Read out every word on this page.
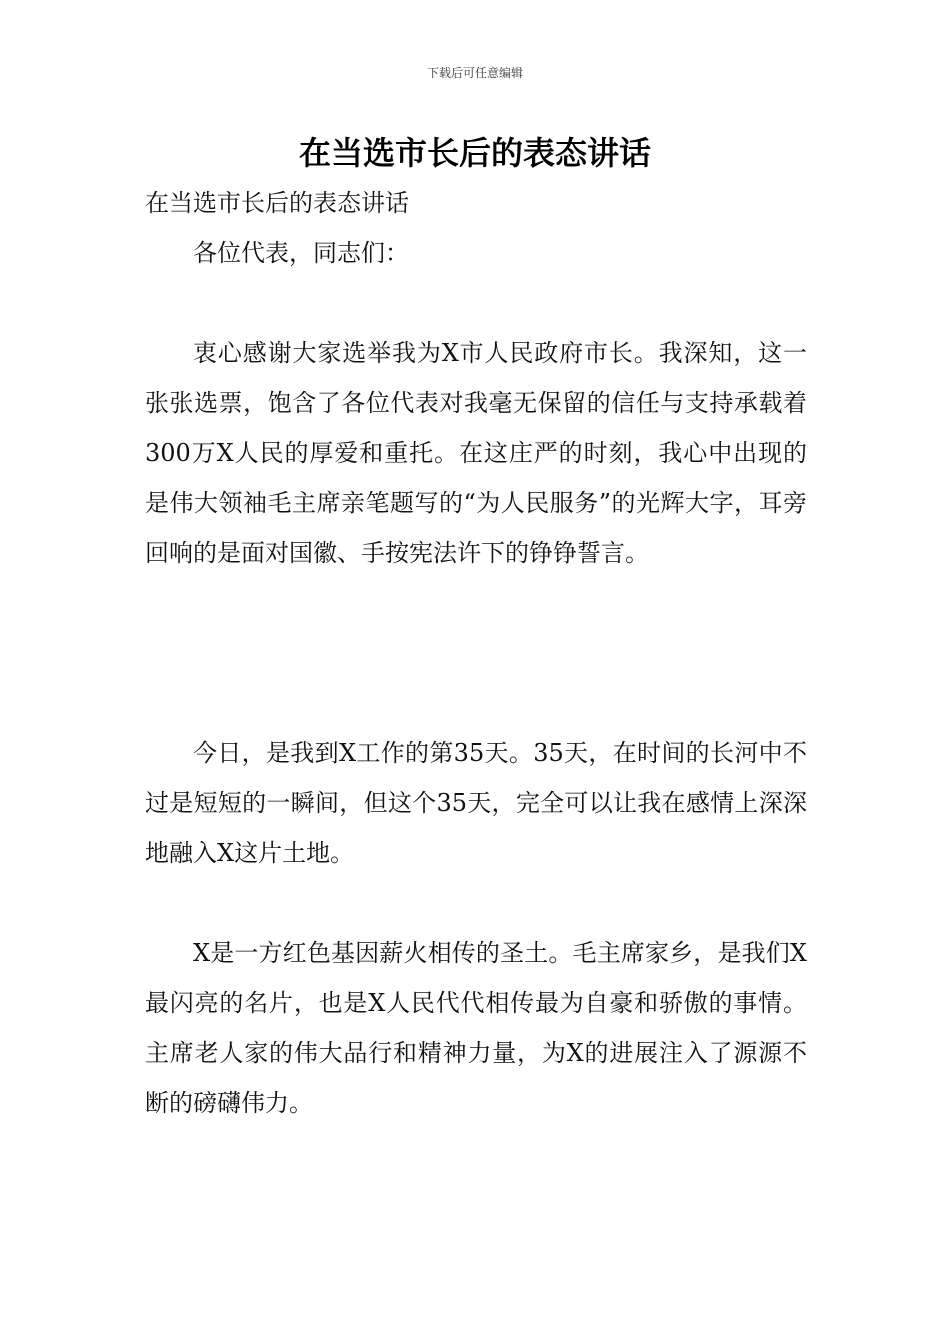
下载后可任意编辑
在当选市长后的表态讲话

在当选市长后的表态讲话

各位代表，同志们：

衷心感谢大家选举我为X市人民政府市长。我深知，这一张张选票，饱含了各位代表对我毫无保留的信任与支持承载着300万X人民的厚爱和重托。在这庄严的时刻，我心中出现的是伟大领袖毛主席亲笔题写的“为人民服务”的光辉大字，耳旁回响的是面对国徽、手按宪法许下的铮铮誓言。

今日，是我到X工作的第35天。35天，在时间的长河中不过是短短的一瞬间，但这个35天，完全可以让我在感情上深深地融入X这片土地。

X是一方红色基因薪火相传的圣土。毛主席家乡，是我们X最闪亮的名片，也是X人民代代相传最为自豪和骄傲的事情。主席老人家的伟大品行和精神力量，为X的进展注入了源源不断的磅礴伟力。
